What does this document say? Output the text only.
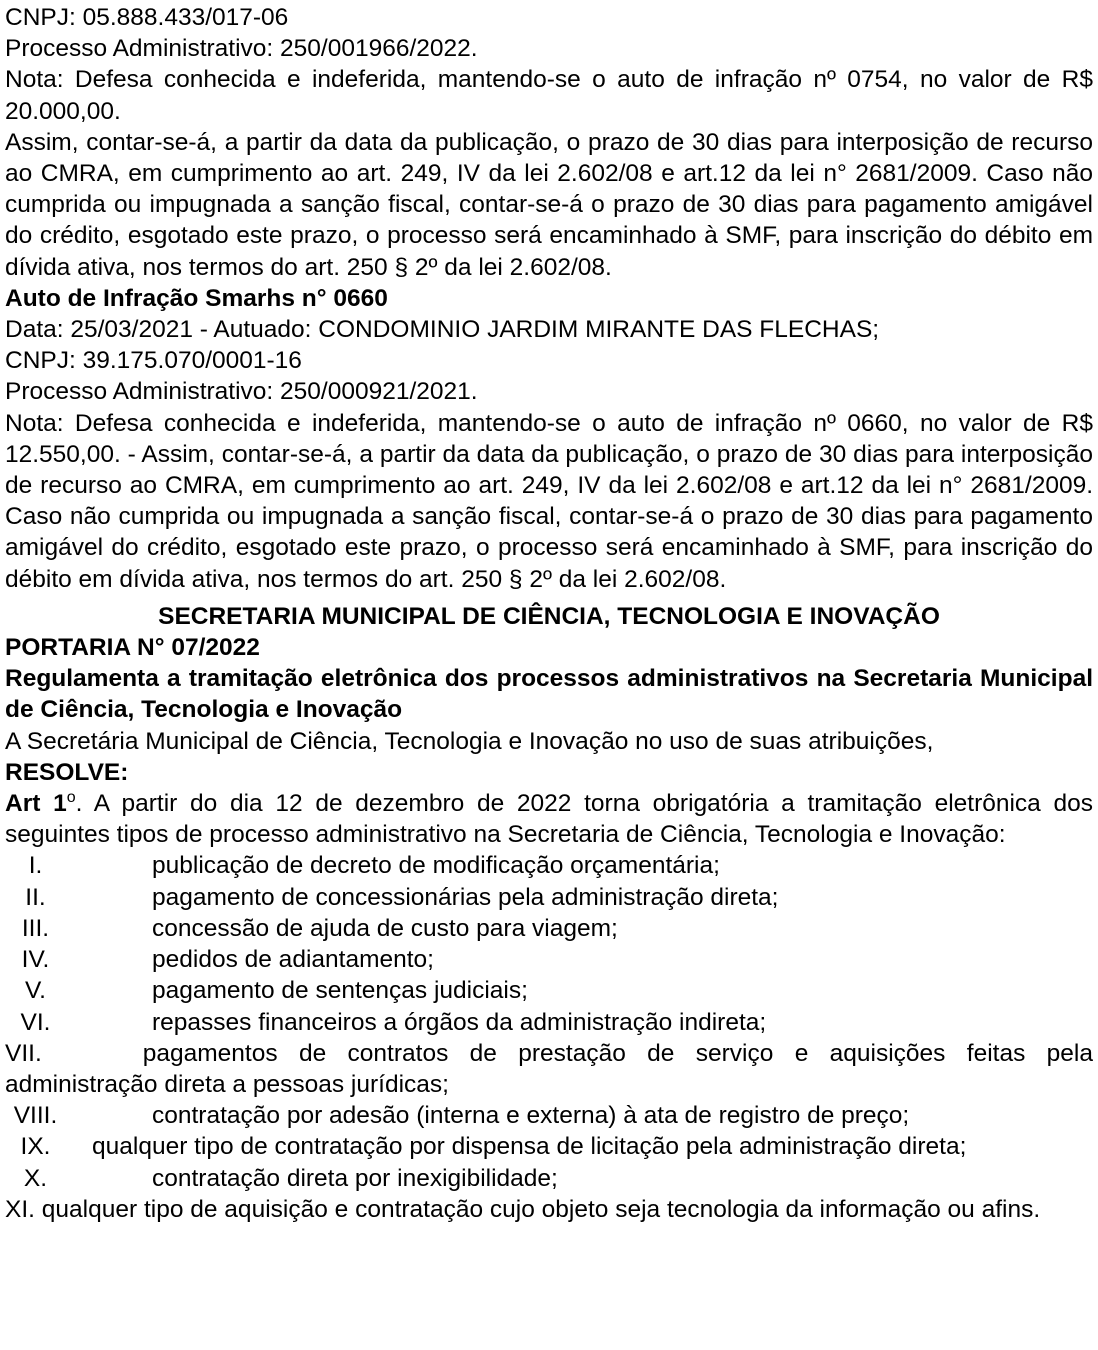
CNPJ: 05.888.433/017-06

Processo Administrativo: 250/001966/2022.

Nota: Defesa conhecida e indeferida, mantendo-se o auto de infração nº 0754, no valor de R$ 20.000,00.

Assim, contar-se-á, a partir da data da publicação, o prazo de 30 dias para interposição de recurso ao CMRA, em cumprimento ao art. 249, IV da lei 2.602/08 e art.12 da lei n° 2681/2009. Caso não cumprida ou impugnada a sanção fiscal, contar-se-á o prazo de 30 dias para pagamento amigável do crédito, esgotado este prazo, o processo será encaminhado à SMF, para inscrição do débito em dívida ativa, nos termos do art. 250 § 2º da lei 2.602/08.

Auto de Infração Smarhs n° 0660

Data: 25/03/2021 - Autuado: CONDOMINIO JARDIM MIRANTE DAS FLECHAS;

CNPJ: 39.175.070/0001-16

Processo Administrativo: 250/000921/2021.

Nota: Defesa conhecida e indeferida, mantendo-se o auto de infração nº 0660, no valor de R$ 12.550,00. - Assim, contar-se-á, a partir da data da publicação, o prazo de 30 dias para interposição de recurso ao CMRA, em cumprimento ao art. 249, IV da lei 2.602/08 e art.12 da lei n° 2681/2009. Caso não cumprida ou impugnada a sanção fiscal, contar-se-á o prazo de 30 dias para pagamento amigável do crédito, esgotado este prazo, o processo será encaminhado à SMF, para inscrição do débito em dívida ativa, nos termos do art. 250 § 2º da lei 2.602/08.

SECRETARIA MUNICIPAL DE CIÊNCIA, TECNOLOGIA E INOVAÇÃO

PORTARIA N° 07/2022

Regulamenta a tramitação eletrônica dos processos administrativos na Secretaria Municipal de Ciência, Tecnologia e Inovação

A Secretária Municipal de Ciência, Tecnologia e Inovação no uso de suas atribuições,

RESOLVE:

Art 1$^o$. A partir do dia 12 de dezembro de 2022 torna obrigatória a tramitação eletrônica dos seguintes tipos de processo administrativo na Secretaria de Ciência, Tecnologia e Inovação:

I.	publicação de decreto de modificação orçamentária;
II.	pagamento de concessionárias pela administração direta;
III.	concessão de ajuda de custo para viagem;
IV.	pedidos de adiantamento;
V.	pagamento de sentenças judiciais;
VI.	repasses financeiros a órgãos da administração indireta;
VII.	pagamentos de contratos de prestação de serviço e aquisições feitas pela administração direta a pessoas jurídicas;
VIII.	contratação por adesão (interna e externa) à ata de registro de preço;
IX.	qualquer tipo de contratação por dispensa de licitação pela administração direta;
X.	contratação direta por inexigibilidade;

XI. qualquer tipo de aquisição e contratação cujo objeto seja tecnologia da informação ou afins.
